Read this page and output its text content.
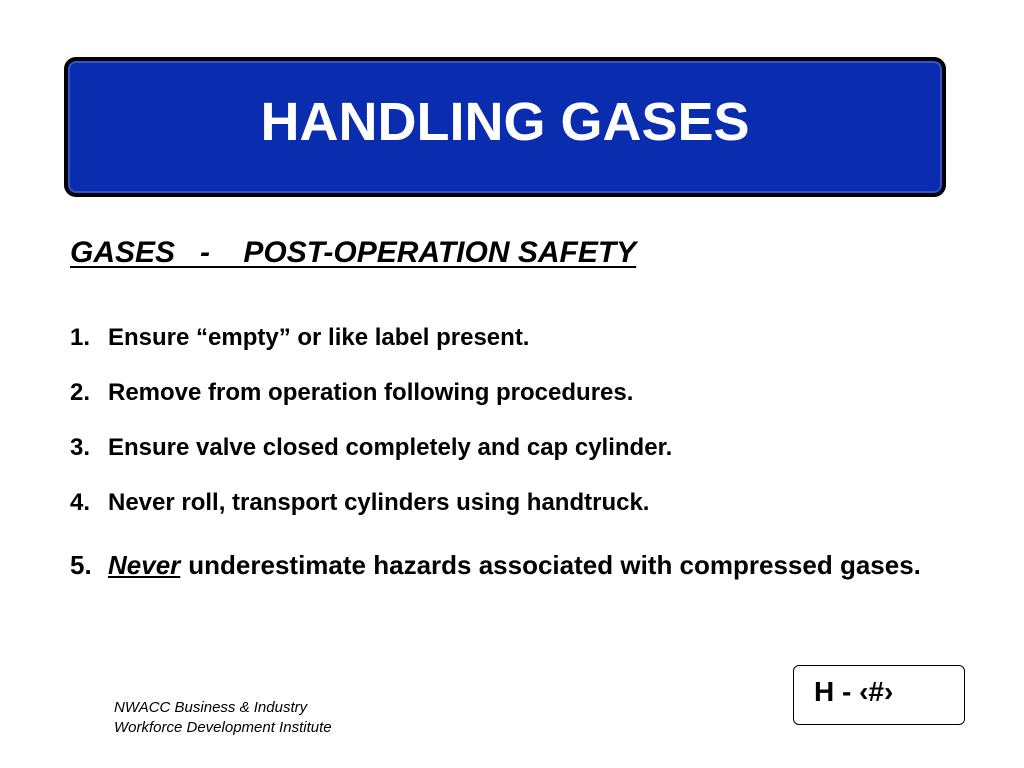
HANDLING GASES
GASES   -    POST-OPERATION SAFETY
1. Ensure “empty” or like label present.
2. Remove from operation following procedures.
3. Ensure valve closed completely and cap cylinder.
4. Never roll, transport cylinders using handtruck.
5. Never underestimate hazards associated with compressed gases.
H - ‹#›
NWACC Business & Industry
Workforce Development Institute
